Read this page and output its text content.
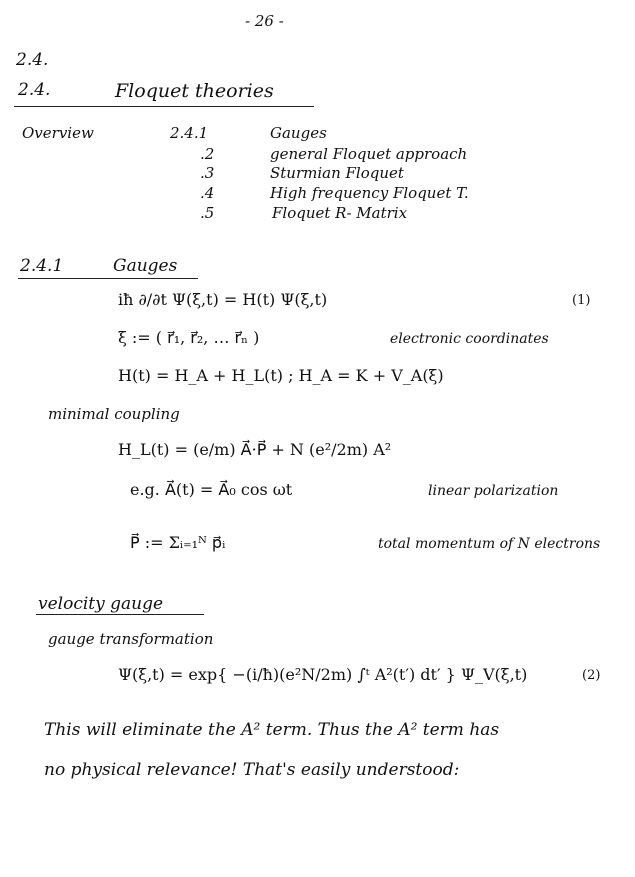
- 26 -
2.4.
2.4.	Floquet theories
Overview	2.4.1	Gauges
.2	general Floquet approach
.3	Sturmian Floquet
.4	High frequency Floquet T.
.5	Floquet R- Matrix
2.4.1	Gauges
iħ ∂/∂t Ψ(ξ,t) = H(t) Ψ(ξ,t)	(1)
ξ := ( r⃗₁, r⃗₂, … r⃗ₙ )	electronic coordinates
H(t) = H_A + H_L(t) ; H_A = K + V_A(ξ)
minimal coupling
H_L(t) = (e/m) A⃗·P⃗ + N (e²/2m) A²
e.g. A⃗(t) = A⃗₀ cos ωt	linear polarization
P⃗ := Σᵢ₌₁ᴺ p⃗ᵢ	total momentum of N electrons
velocity gauge
gauge transformation
Ψ(ξ,t) = exp{ −(i/ħ)(e²N/2m) ∫ᵗ A²(t′) dt′ } Ψ_V(ξ,t)	(2)
This will eliminate the A² term. Thus the A² term has
no physical relevance! That's easily understood:
